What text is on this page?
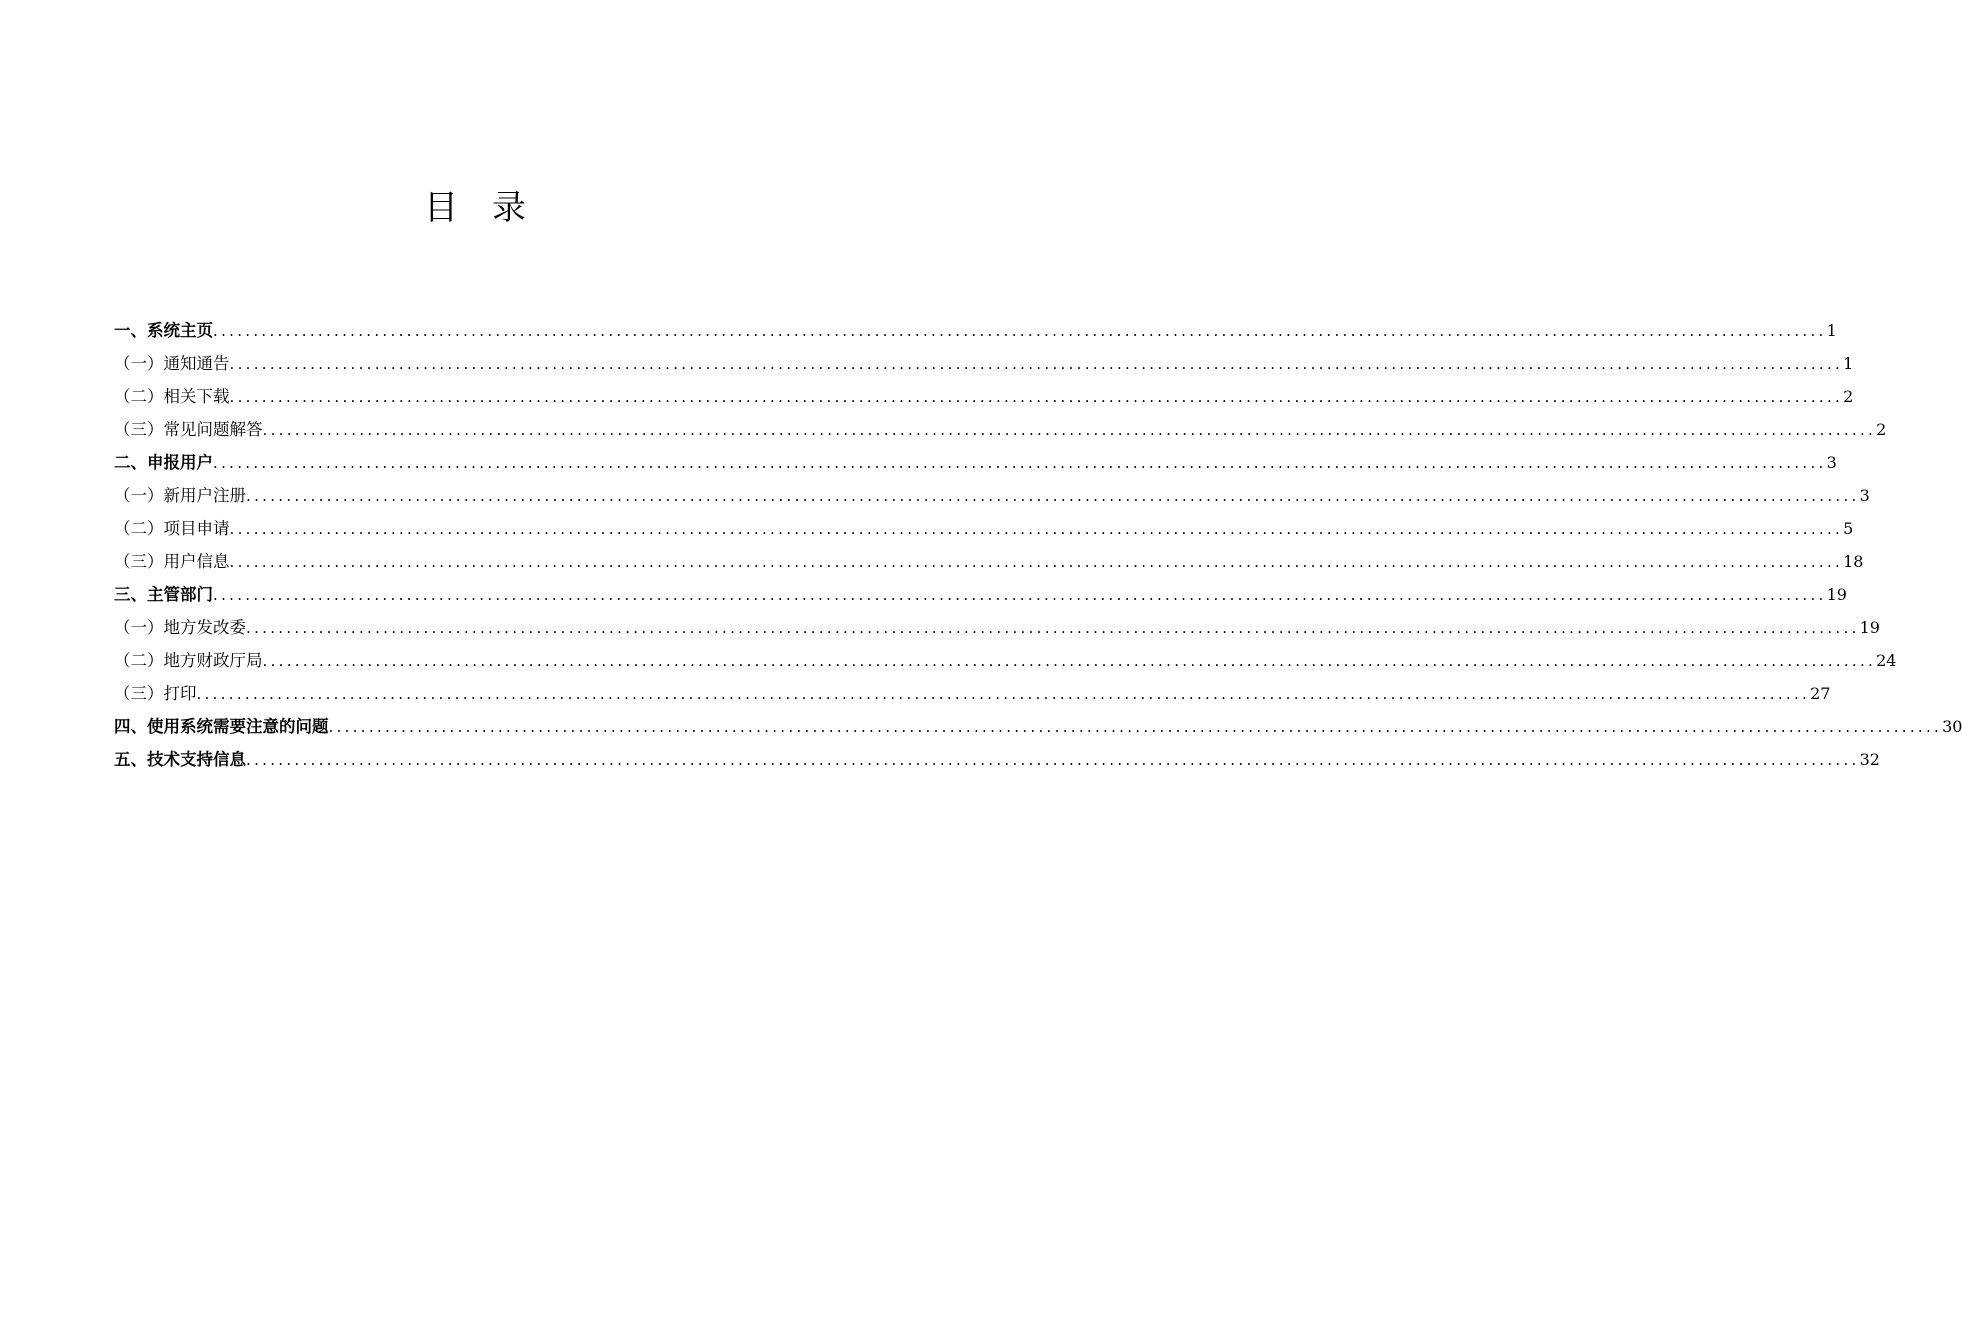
目 录
一、系统主页 ........................................................................................................................................................................................................ 1
（一）通知通告 ........................................................................................................................................................................................................ 1
（二）相关下载 ........................................................................................................................................................................................................ 2
（三）常见问题解答 ........................................................................................................................................................................................................ 2
二、申报用户 ........................................................................................................................................................................................................ 3
（一）新用户注册 ........................................................................................................................................................................................................ 3
（二）项目申请 ........................................................................................................................................................................................................ 5
（三）用户信息 ........................................................................................................................................................................................................ 18
三、主管部门 ........................................................................................................................................................................................................ 19
（一）地方发改委 ........................................................................................................................................................................................................ 19
（二）地方财政厅局 ........................................................................................................................................................................................................ 24
（三）打印 ........................................................................................................................................................................................................ 27
四、使用系统需要注意的问题 ........................................................................................................................................................................................................ 30
五、技术支持信息 ........................................................................................................................................................................................................ 32
